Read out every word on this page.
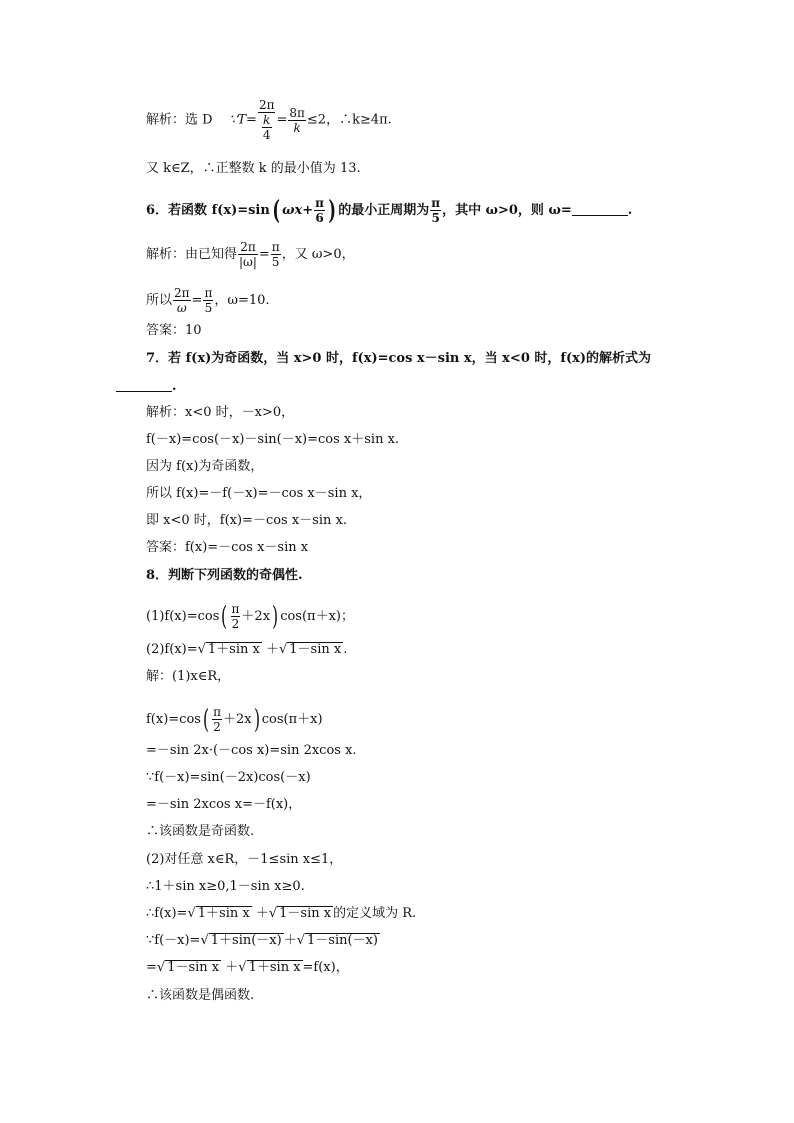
解析：选 D ∵T= $\frac{2\pi}{\frac{k}{4}} = \frac{8\pi}{k} \le 2$，∴k≥4π.
又 k∈Z，∴正整数 k 的最小值为 13.
6．若函数 f(x)=sin( $\omega x+ \frac{\pi}{6}$ ) 的最小正周期为 $\frac{\pi}{5}$ ，其中 ω>0，则 ω=	.
解析：由已知得 $\frac{2\pi}{|\omega|} = \frac{\pi}{5}$ ，又 ω>0，
所以 $\frac{2\pi}{\omega} = \frac{\pi}{5}$ ，ω=10.
答案：10
7．若 f(x)为奇函数，当 x>0 时，f(x)=cos x－sin x，当 x<0 时，f(x)的解析式为
.
解析：x<0 时，－x>0，
f(－x)=cos(－x)－sin(－x)=cos x＋sin x.
因为 f(x)为奇函数，
所以 f(x)=－f(－x)=－cos x－sin x，
即 x<0 时，f(x)=－cos x－sin x.
答案：f(x)=－cos x－sin x
8．判断下列函数的奇偶性.
$(1)f(x)=\cos( \frac{\pi}{2} +2x)$ cos(π＋x)；
(2)f(x)=√ 1＋sin x ＋√ 1－sin x .
解：(1)x∈R，
$f(x)=\cos( \frac{\pi}{2} +2x)$ cos(π＋x)
=－sin 2x·(－cos x)=sin 2xcos x.
∵f(－x)=sin(－2x)cos(－x)
=－sin 2xcos x=－f(x)，
∴该函数是奇函数.
(2)对任意 x∈R，－1≤sin x≤1，
∴1＋sin x≥0,1－sin x≥0.
∴f(x)=√ 1＋sin x ＋√ 1－sin x 的定义域为 R.
∵f(－x)=√ 1＋sin(－x) ＋√ 1－sin(－x)
=√ 1－sin x ＋√ 1＋sin x =f(x)，
∴该函数是偶函数.
